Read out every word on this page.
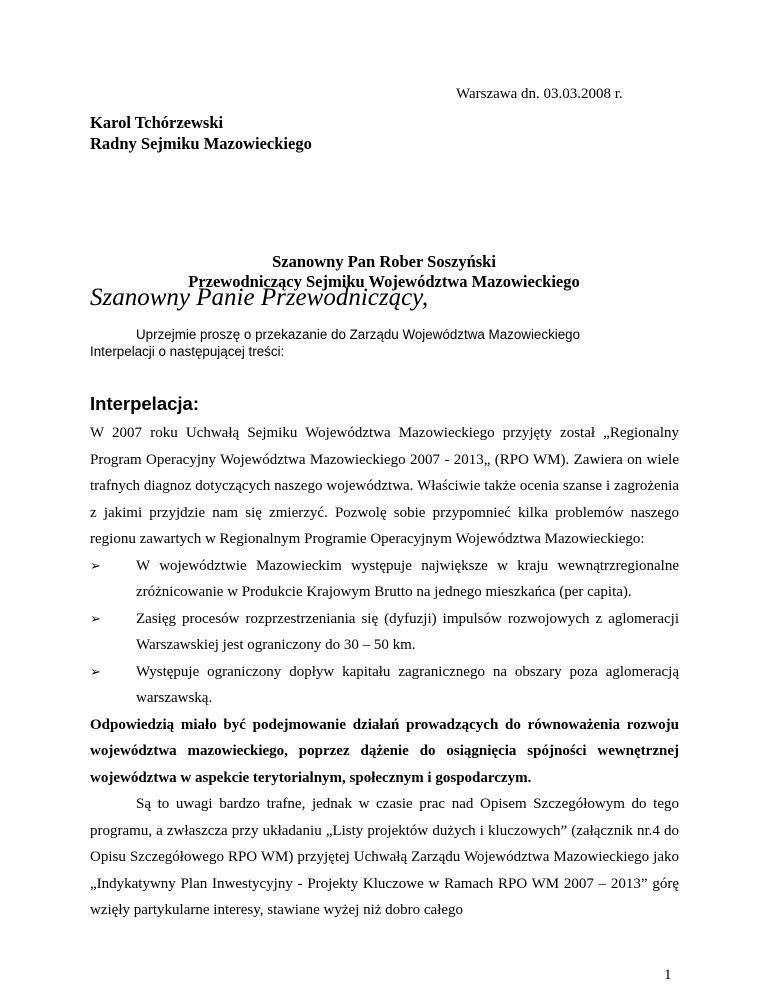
Warszawa dn. 03.03.2008 r.
Karol Tchórzewski
Radny Sejmiku Mazowieckiego
Szanowny Pan Rober Soszyński
Przewodniczący Sejmiku Województwa Mazowieckiego
Szanowny Panie Przewodniczący,
Uprzejmie proszę o przekazanie do Zarządu Województwa Mazowieckiego
Interpelacji o następującej treści:
Interpelacja:

W 2007 roku Uchwałą Sejmiku Województwa Mazowieckiego przyjęty został „Regionalny Program Operacyjny Województwa Mazowieckiego 2007 - 2013„ (RPO WM). Zawiera on wiele trafnych diagnoz dotyczących naszego województwa. Właściwie także ocenia szanse i zagrożenia z jakimi przyjdzie nam się zmierzyć. Pozwolę sobie przypomnieć kilka problemów naszego regionu zawartych w Regionalnym Programie Operacyjnym Województwa Mazowieckiego:

➢	W województwie Mazowieckim występuje największe w kraju wewnątrzregionalne zróżnicowanie w Produkcie Krajowym Brutto na jednego mieszkańca (per capita).
➢	Zasięg procesów rozprzestrzeniania się (dyfuzji) impulsów rozwojowych z aglomeracji Warszawskiej jest ograniczony do 30 – 50 km.
➢	Występuje ograniczony dopływ kapitału zagranicznego na obszary poza aglomeracją warszawską.

Odpowiedzią miało być podejmowanie działań prowadzących do równoważenia rozwoju województwa mazowieckiego, poprzez dążenie do osiągnięcia spójności wewnętrznej województwa w aspekcie terytorialnym, społecznym i gospodarczym.

Są to uwagi bardzo trafne, jednak w czasie prac nad Opisem Szczegółowym do tego programu, a zwłaszcza przy układaniu „Listy projektów dużych i kluczowych” (załącznik nr.4 do Opisu Szczegółowego RPO WM) przyjętej Uchwałą Zarządu Województwa Mazowieckiego jako „Indykatywny Plan Inwestycyjny - Projekty Kluczowe w Ramach RPO WM 2007 – 2013” górę wzięły partykularne interesy, stawiane wyżej niż dobro całego

1
